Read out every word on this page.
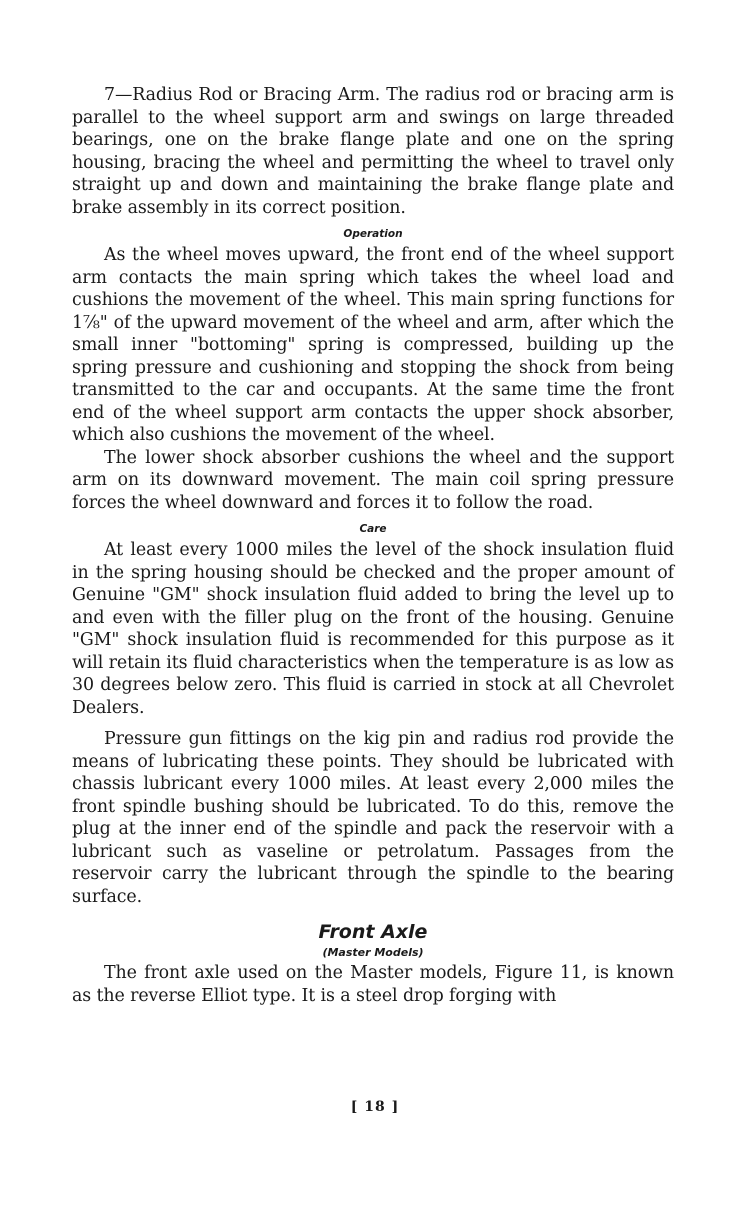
7—Radius Rod or Bracing Arm. The radius rod or bracing arm is parallel to the wheel support arm and swings on large threaded bearings, one on the brake flange plate and one on the spring housing, bracing the wheel and permitting the wheel to travel only straight up and down and maintaining the brake flange plate and brake assembly in its correct position.

Operation

As the wheel moves upward, the front end of the wheel support arm contacts the main spring which takes the wheel load and cushions the movement of the wheel. This main spring functions for 1⅞" of the upward movement of the wheel and arm, after which the small inner "bottoming" spring is compressed, building up the spring pressure and cushioning and stopping the shock from being transmitted to the car and occupants. At the same time the front end of the wheel support arm contacts the upper shock absorber, which also cushions the movement of the wheel.

The lower shock absorber cushions the wheel and the support arm on its downward movement. The main coil spring pressure forces the wheel downward and forces it to follow the road.

Care

At least every 1000 miles the level of the shock insulation fluid in the spring housing should be checked and the proper amount of Genuine "GM" shock insulation fluid added to bring the level up to and even with the filler plug on the front of the housing. Genuine "GM" shock insulation fluid is recommended for this purpose as it will retain its fluid characteristics when the temperature is as low as 30 degrees below zero. This fluid is carried in stock at all Chevrolet Dealers.

Pressure gun fittings on the kig pin and radius rod provide the means of lubricating these points. They should be lubricated with chassis lubricant every 1000 miles. At least every 2,000 miles the front spindle bushing should be lubricated. To do this, remove the plug at the inner end of the spindle and pack the reservoir with a lubricant such as vaseline or petrolatum. Passages from the reservoir carry the lubricant through the spindle to the bearing surface.

Front Axle
(Master Models)

The front axle used on the Master models, Figure 11, is known as the reverse Elliot type. It is a steel drop forging with

[ 18 ]
